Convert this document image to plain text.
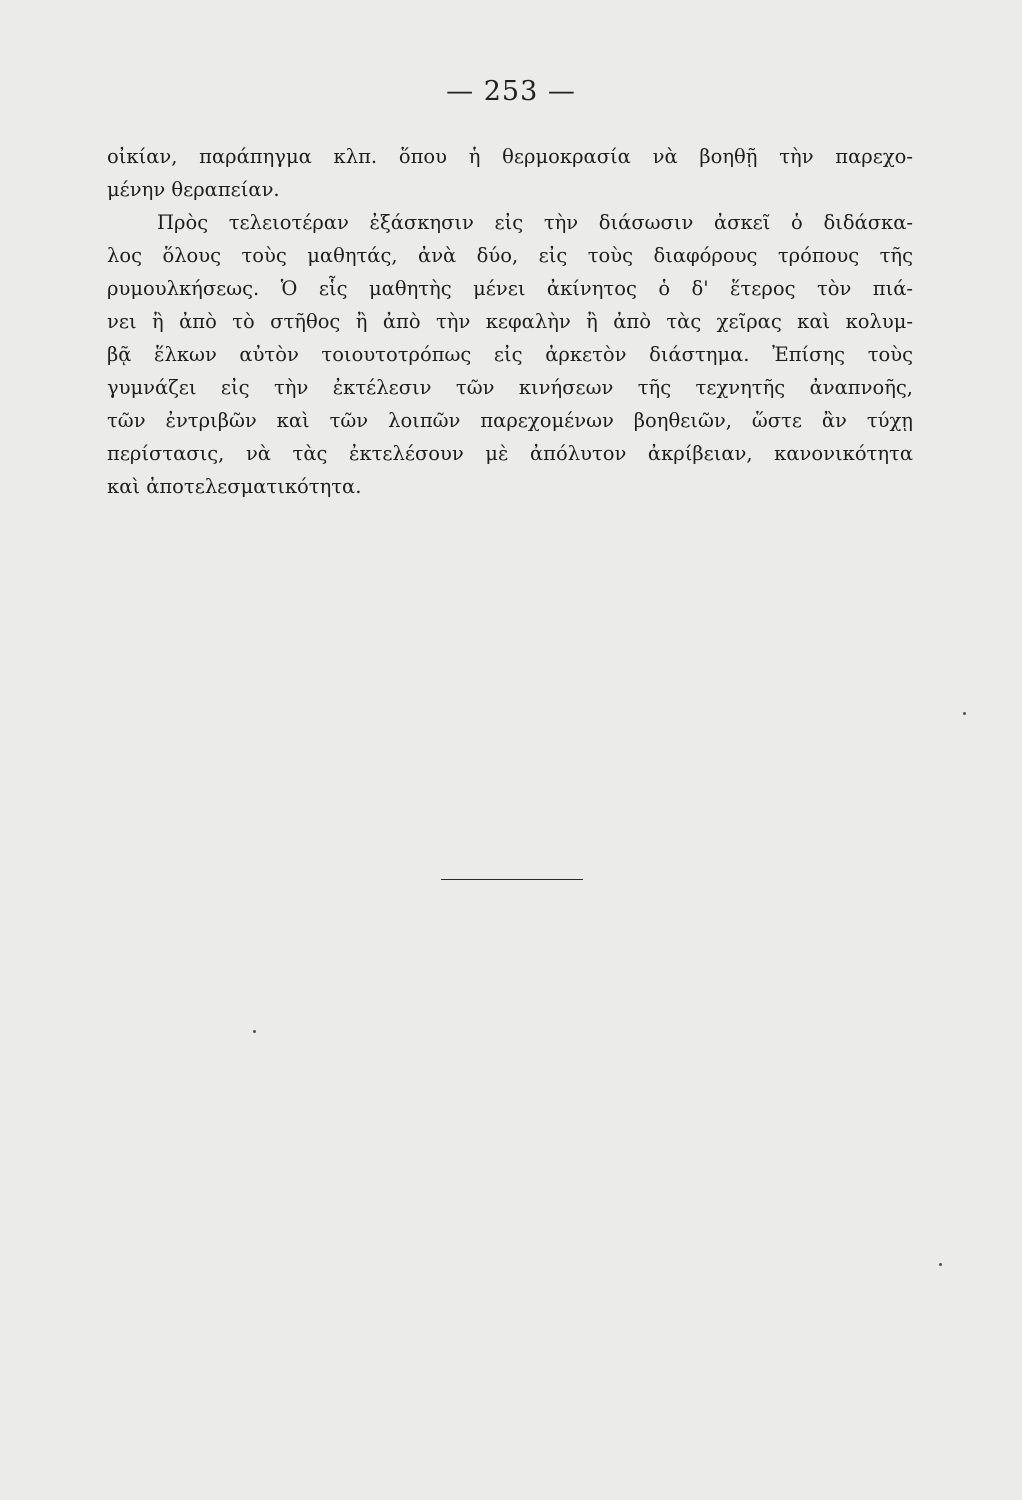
— 253 —
οἰκίαν, παράπηγμα κλπ. ὅπου ἡ θερμοκρασία νὰ βοηθῇ τὴν παρεχο-
μένην θεραπείαν.
Πρὸς τελειοτέραν ἐξάσκησιν εἰς τὴν διάσωσιν ἀσκεῖ ὁ διδάσκα-
λος ὅλους τοὺς μαθητάς, ἀνὰ δύο, εἰς τοὺς διαφόρους τρόπους τῆς
ρυμουλκήσεως. Ὁ εἷς μαθητὴς μένει ἀκίνητος ὁ δ' ἕτερος τὸν πιά-
νει ἢ ἀπὸ τὸ στῆθος ἢ ἀπὸ τὴν κεφαλὴν ἢ ἀπὸ τὰς χεῖρας καὶ κολυμ-
βᾷ ἕλκων αὐτὸν τοιουτοτρόπως εἰς ἀρκετὸν διάστημα. Ἐπίσης τοὺς
γυμνάζει εἰς τὴν ἐκτέλεσιν τῶν κινήσεων τῆς τεχνητῆς ἀναπνοῆς,
τῶν ἐντριβῶν καὶ τῶν λοιπῶν παρεχομένων βοηθειῶν, ὥστε ἂν τύχῃ
περίστασις, νὰ τὰς ἐκτελέσουν μὲ ἀπόλυτον ἀκρίβειαν, κανονικότητα
καὶ ἀποτελεσματικότητα.
